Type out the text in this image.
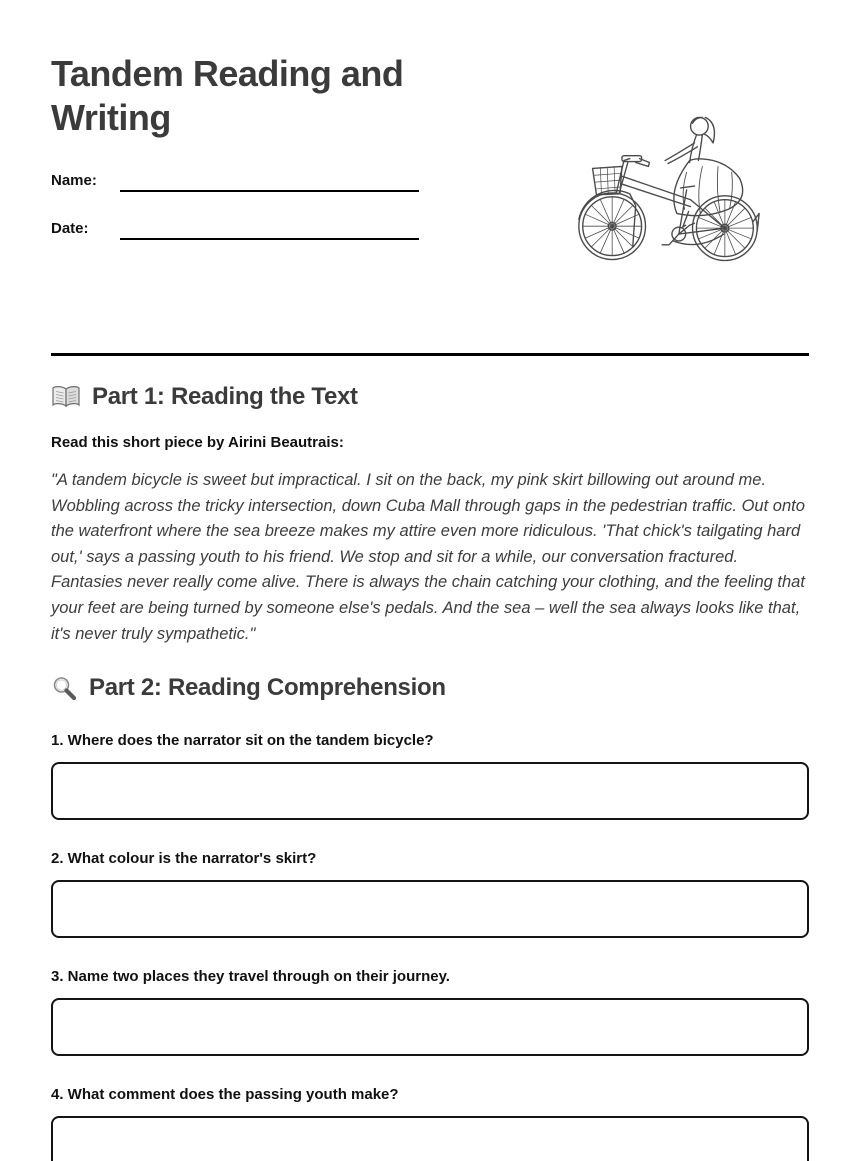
Tandem Reading and Writing
Name:
Date:
Part 1: Reading the Text

Read this short piece by Airini Beautrais:

"A tandem bicycle is sweet but impractical. I sit on the back, my pink skirt billowing out around me. Wobbling across the tricky intersection, down Cuba Mall through gaps in the pedestrian traffic. Out onto the waterfront where the sea breeze makes my attire even more ridiculous. 'That chick's tailgating hard out,' says a passing youth to his friend. We stop and sit for a while, our conversation fractured. Fantasies never really come alive. There is always the chain catching your clothing, and the feeling that your feet are being turned by someone else's pedals. And the sea – well the sea always looks like that, it's never truly sympathetic."

Part 2: Reading Comprehension

1. Where does the narrator sit on the tandem bicycle?

2. What colour is the narrator's skirt?

3. Name two places they travel through on their journey.

4. What comment does the passing youth make?
